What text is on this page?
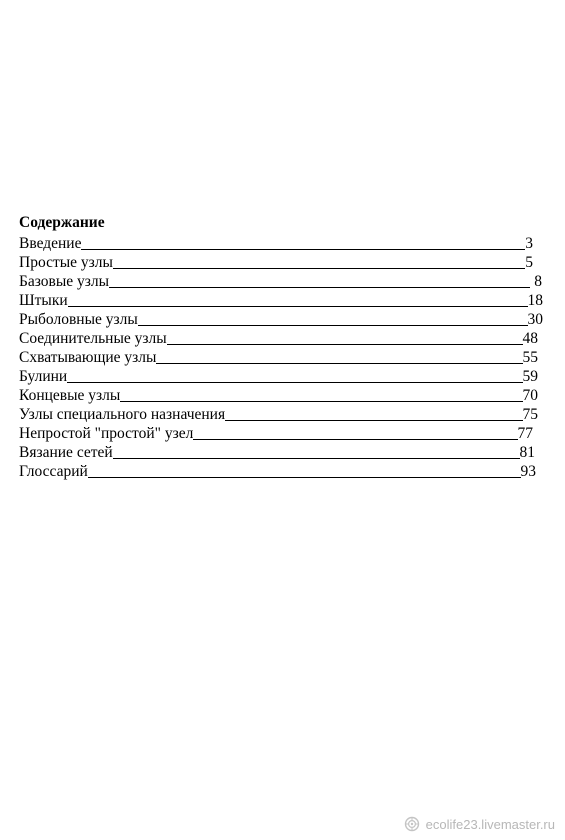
Содержание
Введение	3
Простые узлы	5
Базовые узлы	8
Штыки	18
Рыболовные узлы	30
Соединительные узлы	48
Схватывающие узлы	55
Булини	59
Концевые узлы	70
Узлы специального назначения	75
Непростой "простой" узел	77
Вязание сетей	81
Глоссарий	93
ecolife23.livemaster.ru
